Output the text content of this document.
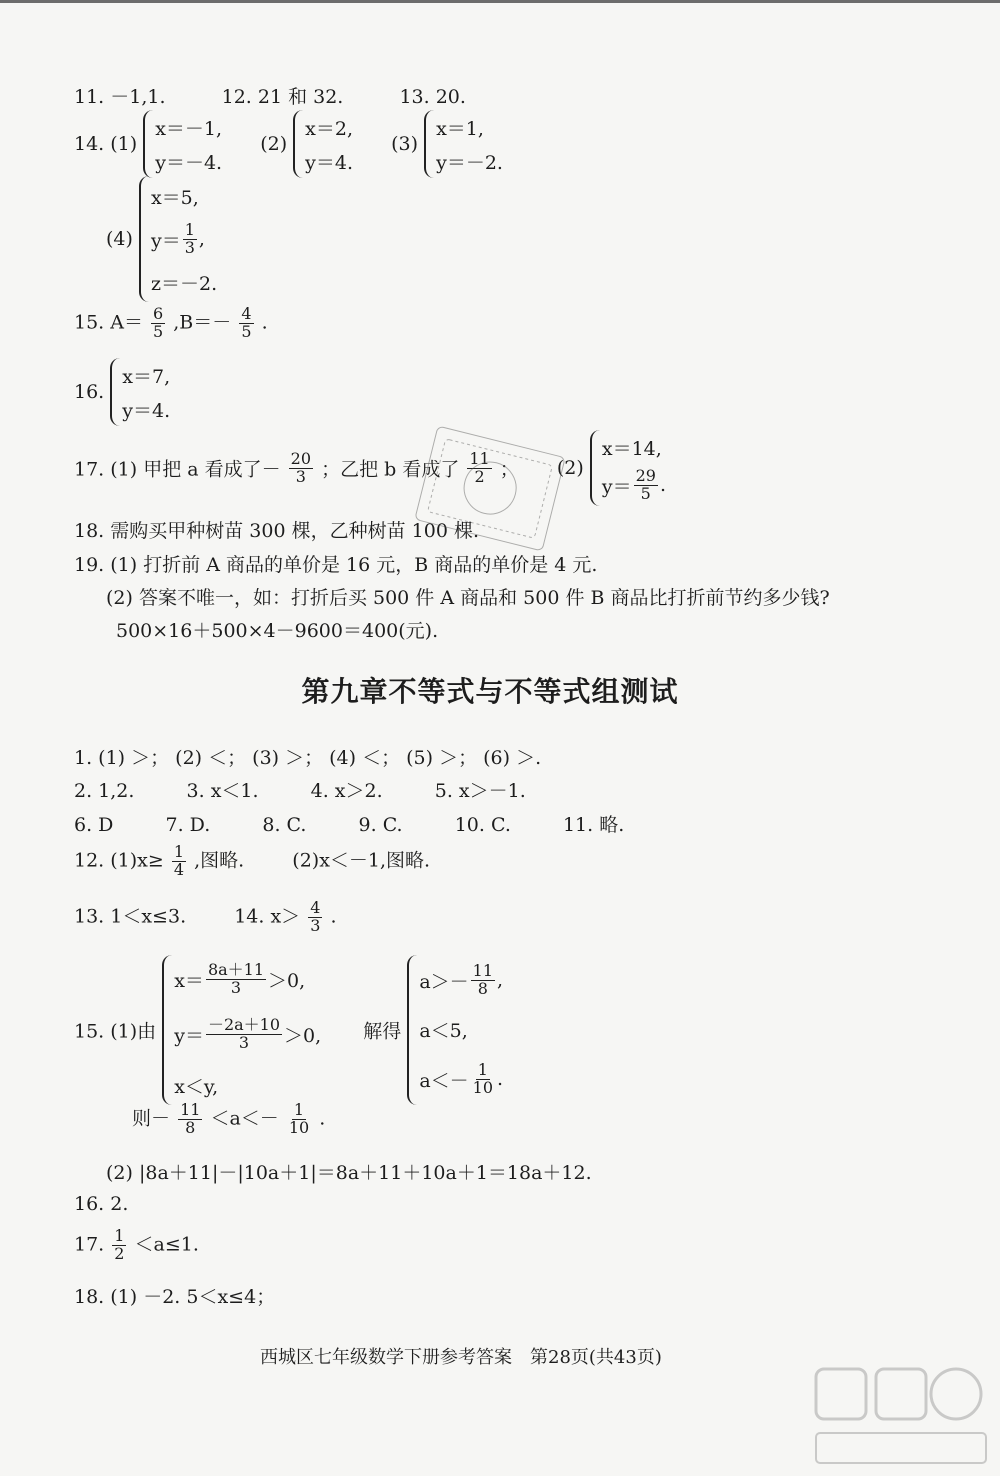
11. －1,1.	12. 21 和 32.	13. 20.
14. (1)
x＝－1,
y＝－4.
(2)
x＝2,
y＝4.
(3)
x＝1,
y＝－2.
(4)
x＝5,
$y= \frac{1}{3}$ ,
z＝－2.
15. $A= \frac{6}{5} ,B=- \frac{4}{5}$ .
16.
x＝7,
y＝4.
17. (1) 甲把 a 看成了－ $\frac{20}{3}$ ；乙把 b 看成了 $\frac{11}{2}$ ； (2)
x＝14,
$y= \frac{29}{5}$ .
18. 需购买甲种树苗 300 棵，乙种树苗 100 棵.
19. (1) 打折前 A 商品的单价是 16 元，B 商品的单价是 4 元.
(2) 答案不唯一，如：打折后买 500 件 A 商品和 500 件 B 商品比打折前节约多少钱?
500×16＋500×4－9600＝400(元).
第九章不等式与不等式组测试
1. (1) ＞； (2) ＜； (3) ＞； (4) ＜； (5) ＞； (6) ＞.
2. 1,2.	3. x＜1.	4. x＞2.	5. x＞－1.
6. D	7. D.	8. C.	9. C.	10. C.	11. 略.
12. $(1)x\ge \frac{1}{4}$ ,图略.	(2)x＜－1,图略.
13. 1＜x≤3.	14. $x> \frac{4}{3}$ .
15. (1)由
$x= \frac{8a+11}{3} >0$,
$y= \frac{-2a+10}{3} >0$,
x＜y,
解得
$a>- \frac{11}{8}$ ,
a＜5,
$a<- \frac{1}{10}$ .
则－ $\frac{11}{8} <a<- \frac{1}{10}$ .
(2) |8a＋11|－|10a＋1|＝8a＋11＋10a＋1＝18a＋12.
16. 2.
17. $\frac{1}{2} <a\le 1$.
18. (1) －2. 5＜x≤4；
西城区七年级数学下册参考答案　第28页(共43页)
